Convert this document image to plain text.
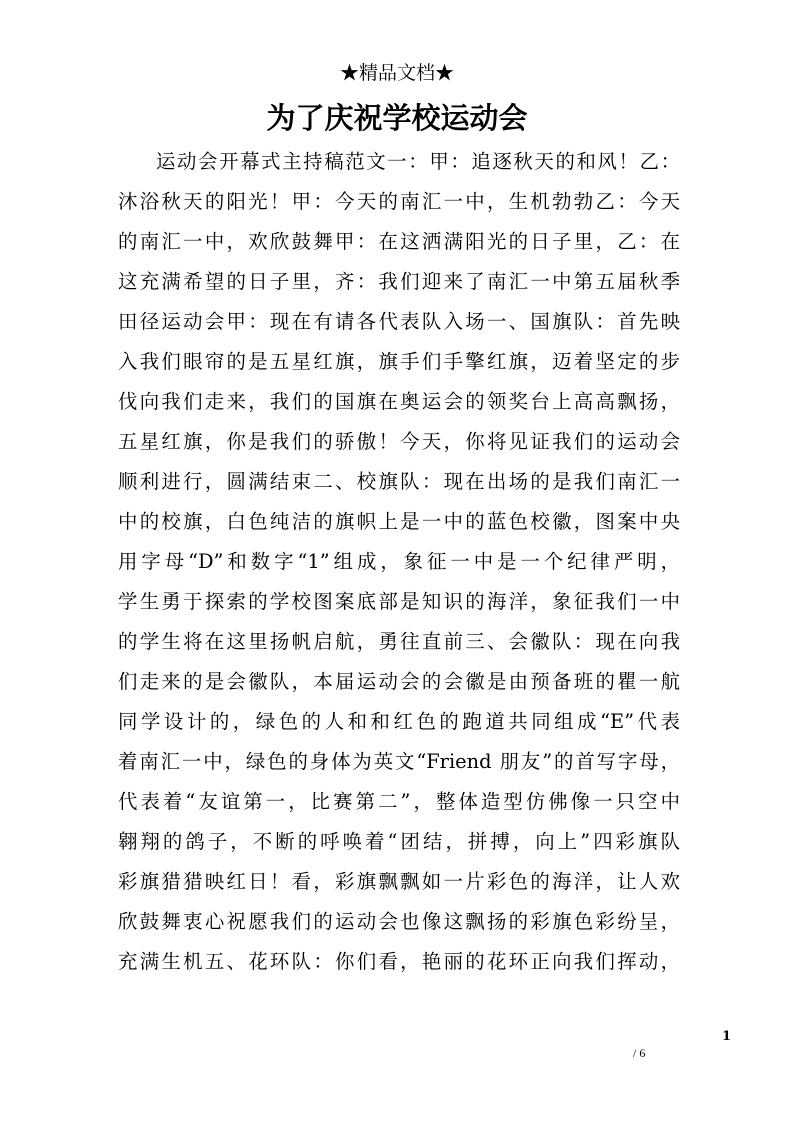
★精品文档★
为了庆祝学校运动会
运动会开幕式主持稿范文一：甲：追逐秋天的和风！乙：
沐浴秋天的阳光！甲：今天的南汇一中，生机勃勃乙：今天
的南汇一中，欢欣鼓舞甲：在这洒满阳光的日子里，乙：在
这充满希望的日子里，齐：我们迎来了南汇一中第五届秋季
田径运动会甲：现在有请各代表队入场一、国旗队：首先映
入我们眼帘的是五星红旗，旗手们手擎红旗，迈着坚定的步
伐向我们走来，我们的国旗在奥运会的领奖台上高高飘扬，
五星红旗，你是我们的骄傲！今天，你将见证我们的运动会
顺利进行，圆满结束二、校旗队：现在出场的是我们南汇一
中的校旗，白色纯洁的旗帜上是一中的蓝色校徽，图案中央
用字母“D”和数字“1”组成，象征一中是一个纪律严明，
学生勇于探索的学校图案底部是知识的海洋，象征我们一中
的学生将在这里扬帆启航，勇往直前三、会徽队：现在向我
们走来的是会徽队，本届运动会的会徽是由预备班的瞿一航
同学设计的，绿色的人和和红色的跑道共同组成“E”代表
着南汇一中，绿色的身体为英文“Friend 朋友”的首写字母，
代表着“友谊第一，比赛第二”，整体造型仿佛像一只空中
翱翔的鸽子，不断的呼唤着“团结，拼搏，向上”四彩旗队
彩旗猎猎映红日！看，彩旗飘飘如一片彩色的海洋，让人欢
欣鼓舞衷心祝愿我们的运动会也像这飘扬的彩旗色彩纷呈，
充满生机五、花环队：你们看，艳丽的花环正向我们挥动，
1
/ 6
